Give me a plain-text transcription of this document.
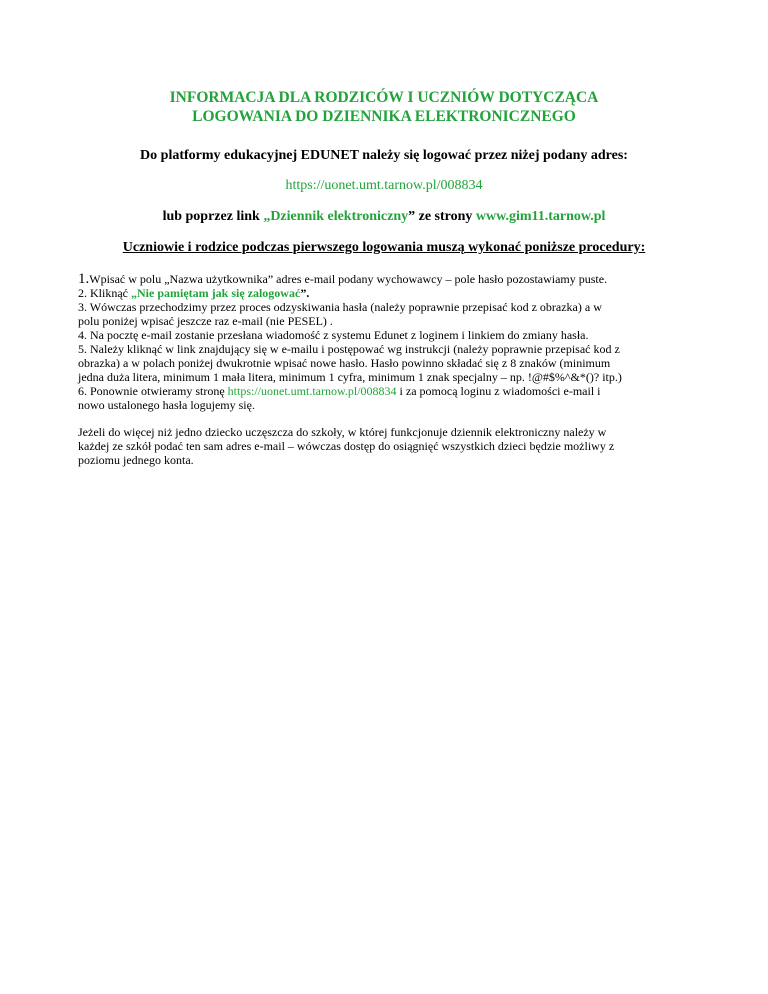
INFORMACJA DLA RODZICÓW I UCZNIÓW DOTYCZĄCA
LOGOWANIA DO DZIENNIKA ELEKTRONICZNEGO
Do platformy edukacyjnej EDUNET należy się logować przez niżej podany adres:
https://uonet.umt.tarnow.pl/008834
lub poprzez link „Dziennik elektroniczny” ze strony www.gim11.tarnow.pl
Uczniowie i rodzice podczas pierwszego logowania muszą wykonać poniższe procedury:
1.Wpisać w polu „Nazwa użytkownika” adres e-mail podany wychowawcy – pole hasło pozostawiamy puste.
2. Kliknąć „Nie pamiętam jak się zalogować”.
3. Wówczas przechodzimy przez proces odzyskiwania hasła (należy poprawnie przepisać kod z obrazka) a w
polu poniżej wpisać jeszcze raz e-mail (nie PESEL) .
4. Na pocztę e-mail zostanie przesłana wiadomość z systemu Edunet z loginem i linkiem do zmiany hasła.
5. Należy kliknąć w link znajdujący się w e-mailu i postępować wg instrukcji (należy poprawnie przepisać kod z
obrazka) a w polach poniżej dwukrotnie wpisać nowe hasło. Hasło powinno składać się z 8 znaków (minimum
jedna duża litera, minimum 1 mała litera, minimum 1 cyfra, minimum 1 znak specjalny – np. !@#$%^&*()? itp.)
6. Ponownie otwieramy stronę https://uonet.umt.tarnow.pl/008834 i za pomocą loginu z wiadomości e-mail i
nowo ustalonego hasła logujemy się.
Jeżeli do więcej niż jedno dziecko uczęszcza do szkoły, w której funkcjonuje dziennik elektroniczny należy w
każdej ze szkół podać ten sam adres e-mail – wówczas dostęp do osiągnięć wszystkich dzieci będzie możliwy z
poziomu jednego konta.
